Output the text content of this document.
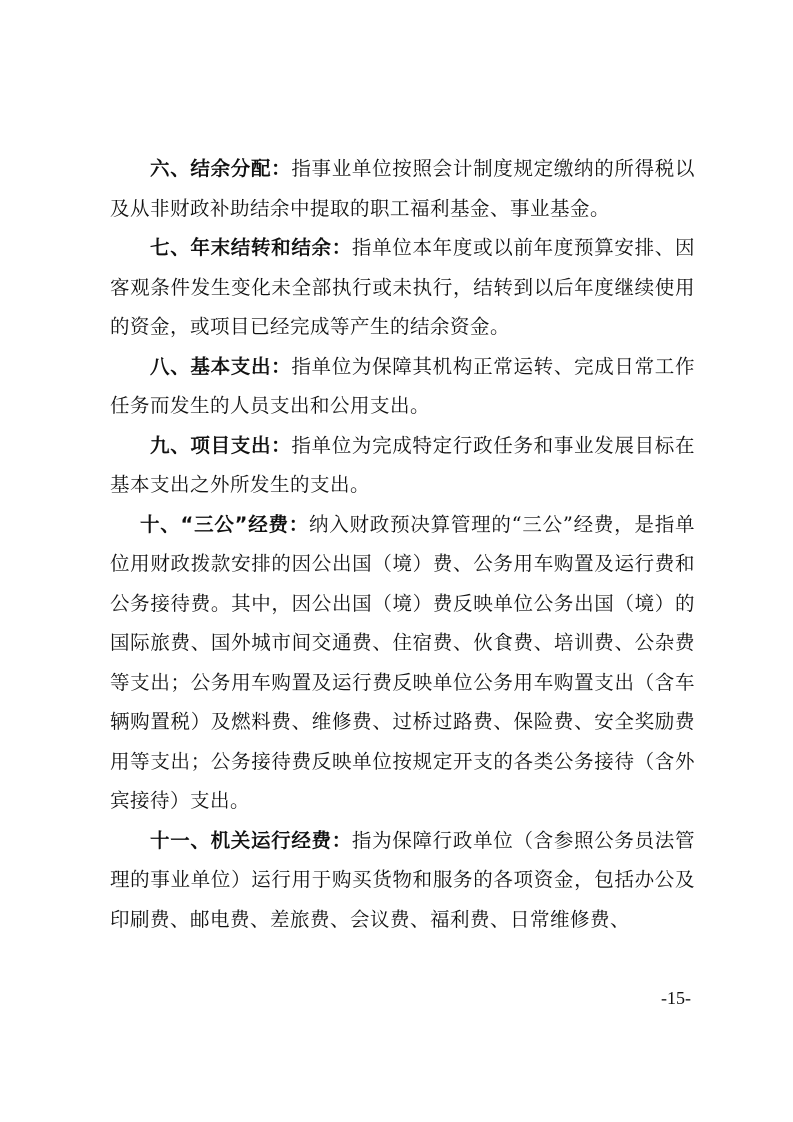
六、结余分配：指事业单位按照会计制度规定缴纳的所得税以及从非财政补助结余中提取的职工福利基金、事业基金。

七、年末结转和结余：指单位本年度或以前年度预算安排、因客观条件发生变化未全部执行或未执行，结转到以后年度继续使用的资金，或项目已经完成等产生的结余资金。

八、基本支出：指单位为保障其机构正常运转、完成日常工作任务而发生的人员支出和公用支出。

九、项目支出：指单位为完成特定行政任务和事业发展目标在基本支出之外所发生的支出。

十、“三公”经费：纳入财政预决算管理的“三公”经费，是指单位用财政拨款安排的因公出国（境）费、公务用车购置及运行费和公务接待费。其中，因公出国（境）费反映单位公务出国（境）的国际旅费、国外城市间交通费、住宿费、伙食费、培训费、公杂费等支出；公务用车购置及运行费反映单位公务用车购置支出（含车辆购置税）及燃料费、维修费、过桥过路费、保险费、安全奖励费用等支出；公务接待费反映单位按规定开支的各类公务接待（含外宾接待）支出。

十一、机关运行经费：指为保障行政单位（含参照公务员法管理的事业单位）运行用于购买货物和服务的各项资金，包括办公及印刷费、邮电费、差旅费、会议费、福利费、日常维修费、

-15-
